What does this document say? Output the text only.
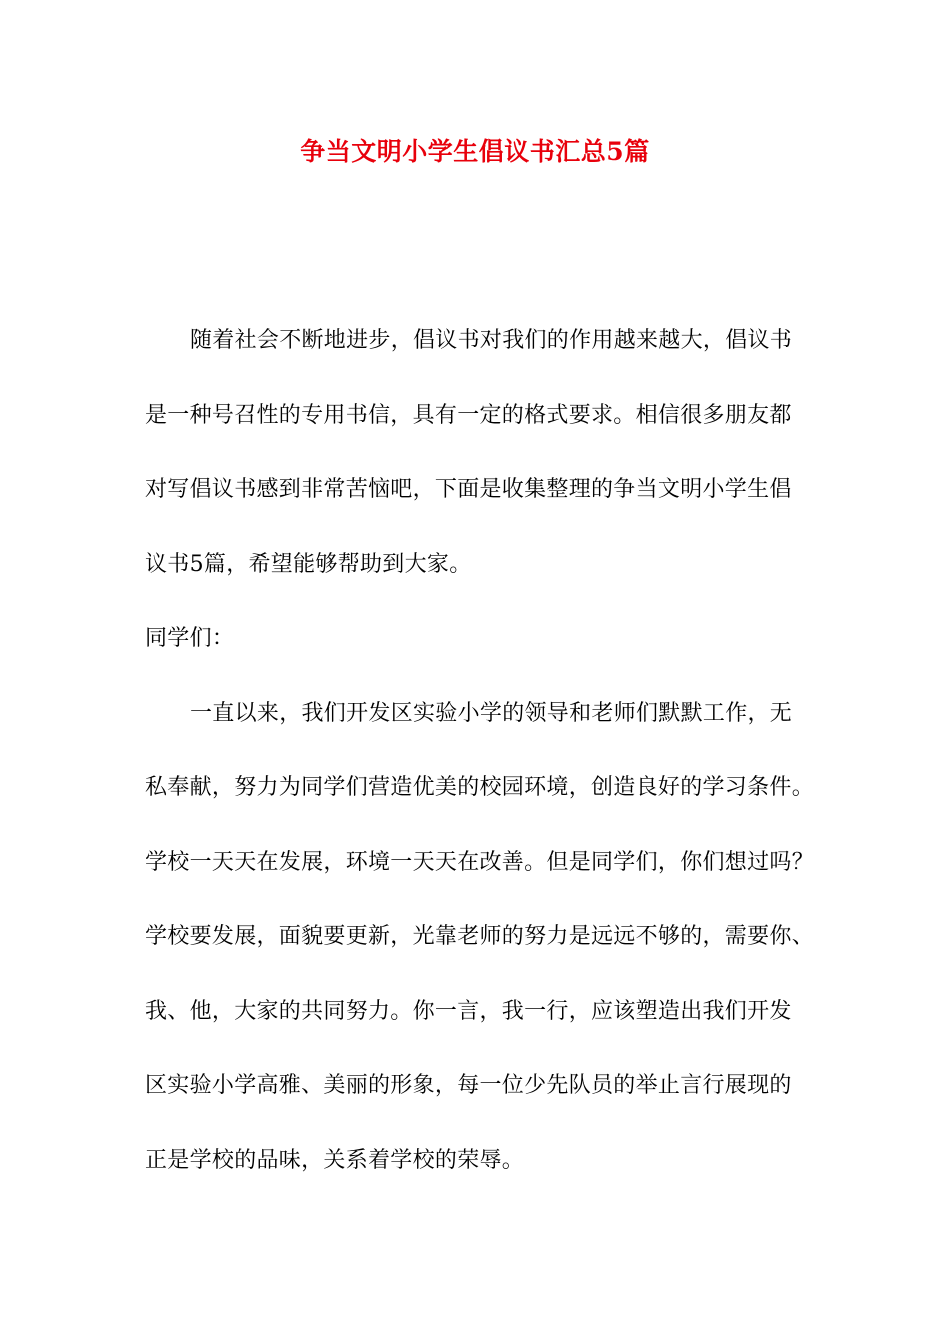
争当文明小学生倡议书汇总5篇
随着社会不断地进步，倡议书对我们的作用越来越大，倡议书
是一种号召性的专用书信，具有一定的格式要求。相信很多朋友都
对写倡议书感到非常苦恼吧，下面是收集整理的争当文明小学生倡
议书5篇，希望能够帮助到大家。
同学们：
一直以来，我们开发区实验小学的领导和老师们默默工作，无
私奉献，努力为同学们营造优美的校园环境，创造良好的学习条件。
学校一天天在发展，环境一天天在改善。但是同学们，你们想过吗？
学校要发展，面貌要更新，光靠老师的努力是远远不够的，需要你、
我、他，大家的共同努力。你一言，我一行，应该塑造出我们开发
区实验小学高雅、美丽的形象，每一位少先队员的举止言行展现的
正是学校的品味，关系着学校的荣辱。
